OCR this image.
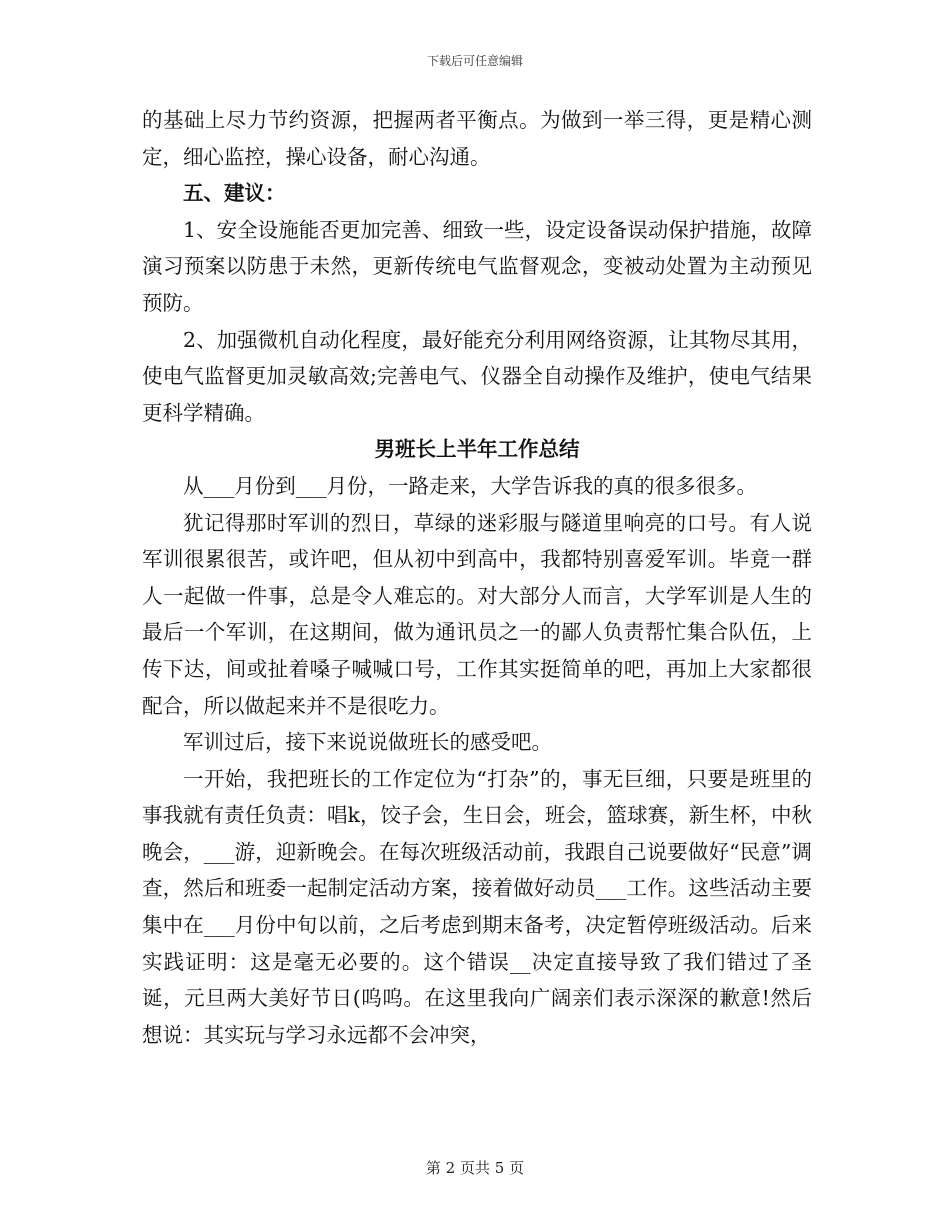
下载后可任意编辑

的基础上尽力节约资源，把握两者平衡点。为做到一举三得，更是精心测定，细心监控，操心设备，耐心沟通。

五、建议：

1、安全设施能否更加完善、细致一些，设定设备误动保护措施，故障演习预案以防患于未然，更新传统电气监督观念，变被动处置为主动预见预防。

2、加强微机自动化程度，最好能充分利用网络资源，让其物尽其用，使电气监督更加灵敏高效;完善电气、仪器全自动操作及维护，使电气结果更科学精确。

男班长上半年工作总结

从___月份到___月份，一路走来，大学告诉我的真的很多很多。

犹记得那时军训的烈日，草绿的迷彩服与隧道里响亮的口号。有人说军训很累很苦，或许吧，但从初中到高中，我都特别喜爱军训。毕竟一群人一起做一件事，总是令人难忘的。对大部分人而言，大学军训是人生的最后一个军训，在这期间，做为通讯员之一的鄙人负责帮忙集合队伍，上传下达，间或扯着嗓子喊喊口号，工作其实挺简单的吧，再加上大家都很配合，所以做起来并不是很吃力。

军训过后，接下来说说做班长的感受吧。

一开始，我把班长的工作定位为“打杂”的，事无巨细，只要是班里的事我就有责任负责：唱k，饺子会，生日会，班会，篮球赛，新生杯，中秋晚会，___游，迎新晚会。在每次班级活动前，我跟自己说要做好“民意”调查，然后和班委一起制定活动方案，接着做好动员___工作。这些活动主要集中在___月份中旬以前，之后考虑到期末备考，决定暂停班级活动。后来实践证明：这是毫无必要的。这个错误__决定直接导致了我们错过了圣诞，元旦两大美好节日(呜呜。在这里我向广阔亲们表示深深的歉意!然后想说：其实玩与学习永远都不会冲突，

第 2 页共 5 页
